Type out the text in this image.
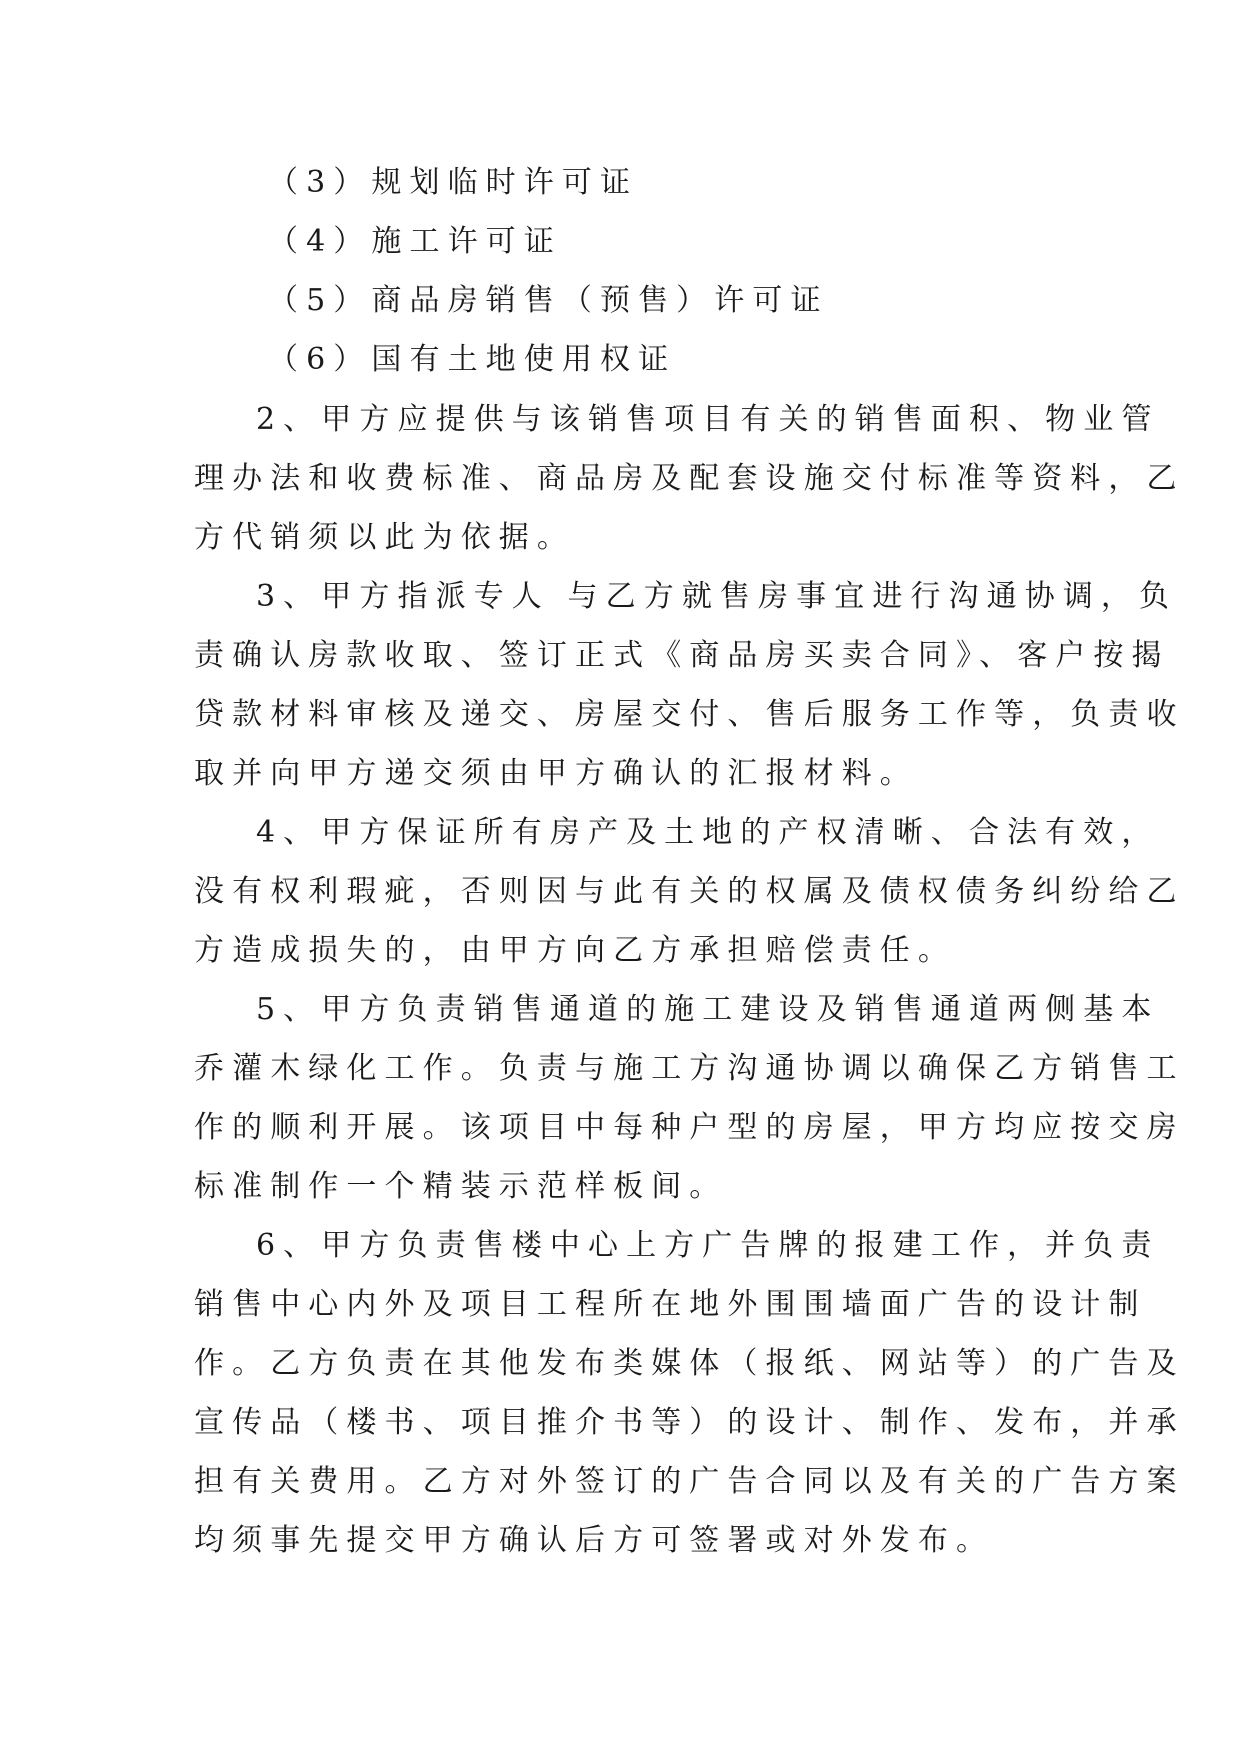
（3）规划临时许可证
（4）施工许可证
（5）商品房销售（预售）许可证
（6）国有土地使用权证
2、甲方应提供与该销售项目有关的销售面积、物业管
理办法和收费标准、商品房及配套设施交付标准等资料，乙
方代销须以此为依据。
3、甲方指派专人 与乙方就售房事宜进行沟通协调，负
责确认房款收取、签订正式《商品房买卖合同》、客户按揭
贷款材料审核及递交、房屋交付、售后服务工作等，负责收
取并向甲方递交须由甲方确认的汇报材料。
4、甲方保证所有房产及土地的产权清晰、合法有效，
没有权利瑕疵，否则因与此有关的权属及债权债务纠纷给乙
方造成损失的，由甲方向乙方承担赔偿责任。
5、甲方负责销售通道的施工建设及销售通道两侧基本
乔灌木绿化工作。负责与施工方沟通协调以确保乙方销售工
作的顺利开展。该项目中每种户型的房屋，甲方均应按交房
标准制作一个精装示范样板间。
6、甲方负责售楼中心上方广告牌的报建工作，并负责
销售中心内外及项目工程所在地外围围墙面广告的设计制
作。乙方负责在其他发布类媒体（报纸、网站等）的广告及
宣传品（楼书、项目推介书等）的设计、制作、发布，并承
担有关费用。乙方对外签订的广告合同以及有关的广告方案
均须事先提交甲方确认后方可签署或对外发布。
